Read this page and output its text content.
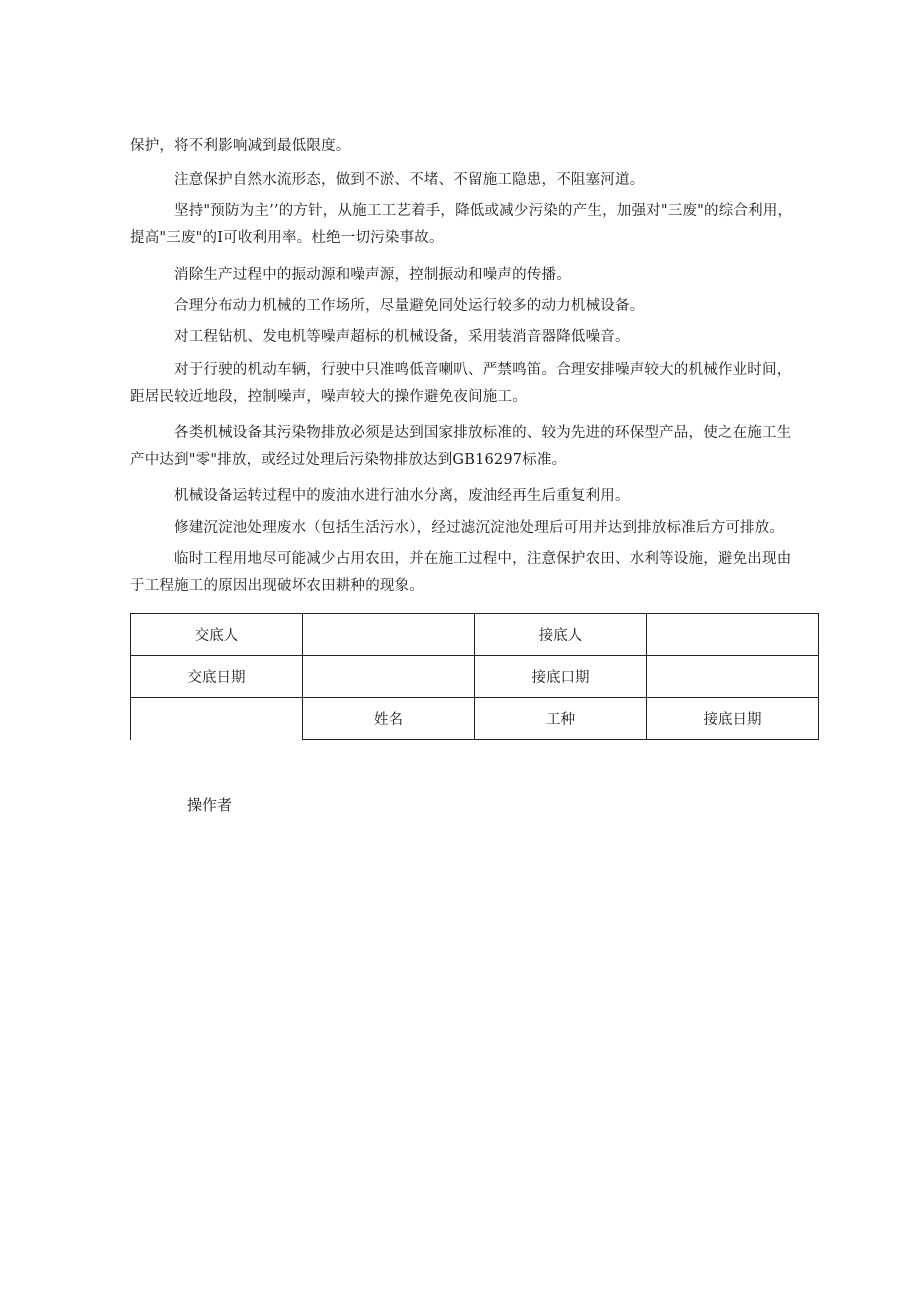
保护，将不利影响减到最低限度。

注意保护自然水流形态，做到不淤、不堵、不留施工隐患，不阻塞河道。

坚持"预防为主’’的方针，从施工工艺着手，降低或减少污染的产生，加强对"三废"的综合利用，
提高"三废"的I可收利用率。杜绝一切污染事故。

消除生产过程中的振动源和噪声源，控制振动和噪声的传播。

合理分布动力机械的工作场所，尽量避免同处运行较多的动力机械设备。

对工程钻机、发电机等噪声超标的机械设备，采用装消音器降低噪音。

对于行驶的机动车辆，行驶中只准鸣低音喇叭、严禁鸣笛。合理安排噪声较大的机械作业时间，
距居民较近地段，控制噪声，噪声较大的操作避免夜间施工。

各类机械设备其污染物排放必须是达到国家排放标准的、较为先进的环保型产品，使之在施工生
产中达到"零"排放，或经过处理后污染物排放达到GB16297标准。

机械设备运转过程中的废油水进行油水分离，废油经再生后重复利用。

修建沉淀池处理废水（包括生活污水），经过滤沉淀池处理后可用并达到排放标准后方可排放。

临时工程用地尽可能减少占用农田，并在施工过程中，注意保护农田、水利等设施，避免出现由
于工程施工的原因出现破坏农田耕种的现象。

交底人		接底人	
交底日期		接底口期	
	姓名	工种	接底日期
操作者
